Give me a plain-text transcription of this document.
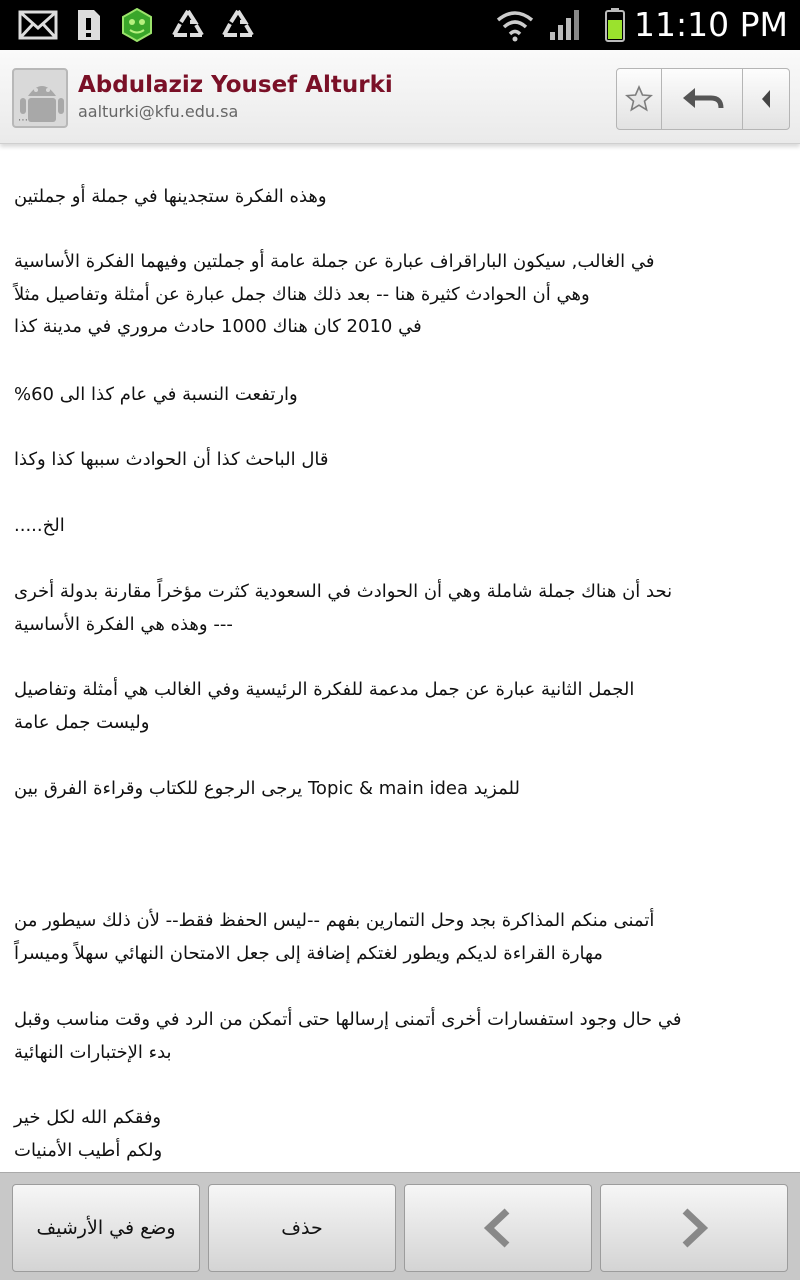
11:10 PM
⋯
Abdulaziz Yousef Alturki
aalturki@kfu.edu.sa
وهذه الفكرة ستجدينها في جملة أو جملتين
في الغالب, سيكون الباراقراف عبارة عن جملة عامة أو جملتين وفيهما الفكرة الأساسية
وهي أن الحوادث كثيرة هنا -- بعد ذلك هناك جمل عبارة عن أمثلة وتفاصيل مثلاً
في 2010 كان هناك 1000 حادث مروري في مدينة كذا
وارتفعت النسبة في عام كذا الى 60%
قال الباحث كذا أن الحوادث سببها كذا وكذا
الخ.....
نحد أن هناك جملة شاملة وهي أن الحوادث في السعودية كثرت مؤخراً مقارنة بدولة أخرى
--- وهذه هي الفكرة الأساسية
الجمل الثانية عبارة عن جمل مدعمة للفكرة الرئيسية وفي الغالب هي أمثلة وتفاصيل
وليست جمل عامة
للمزيد Topic & main idea يرجى الرجوع للكتاب وقراءة الفرق بين
أتمنى منكم المذاكرة بجد وحل التمارين بفهم --ليس الحفظ فقط-- لأن ذلك سيطور من
مهارة القراءة لديكم ويطور لغتكم إضافة إلى جعل الامتحان النهائي سهلاً وميسراً
في حال وجود استفسارات أخرى أتمنى إرسالها حتى أتمكن من الرد في وقت مناسب وقبل
بدء الإختبارات النهائية
وفقكم الله لكل خير
ولكم أطيب الأمنيات
وضع في الأرشيف	حذف
